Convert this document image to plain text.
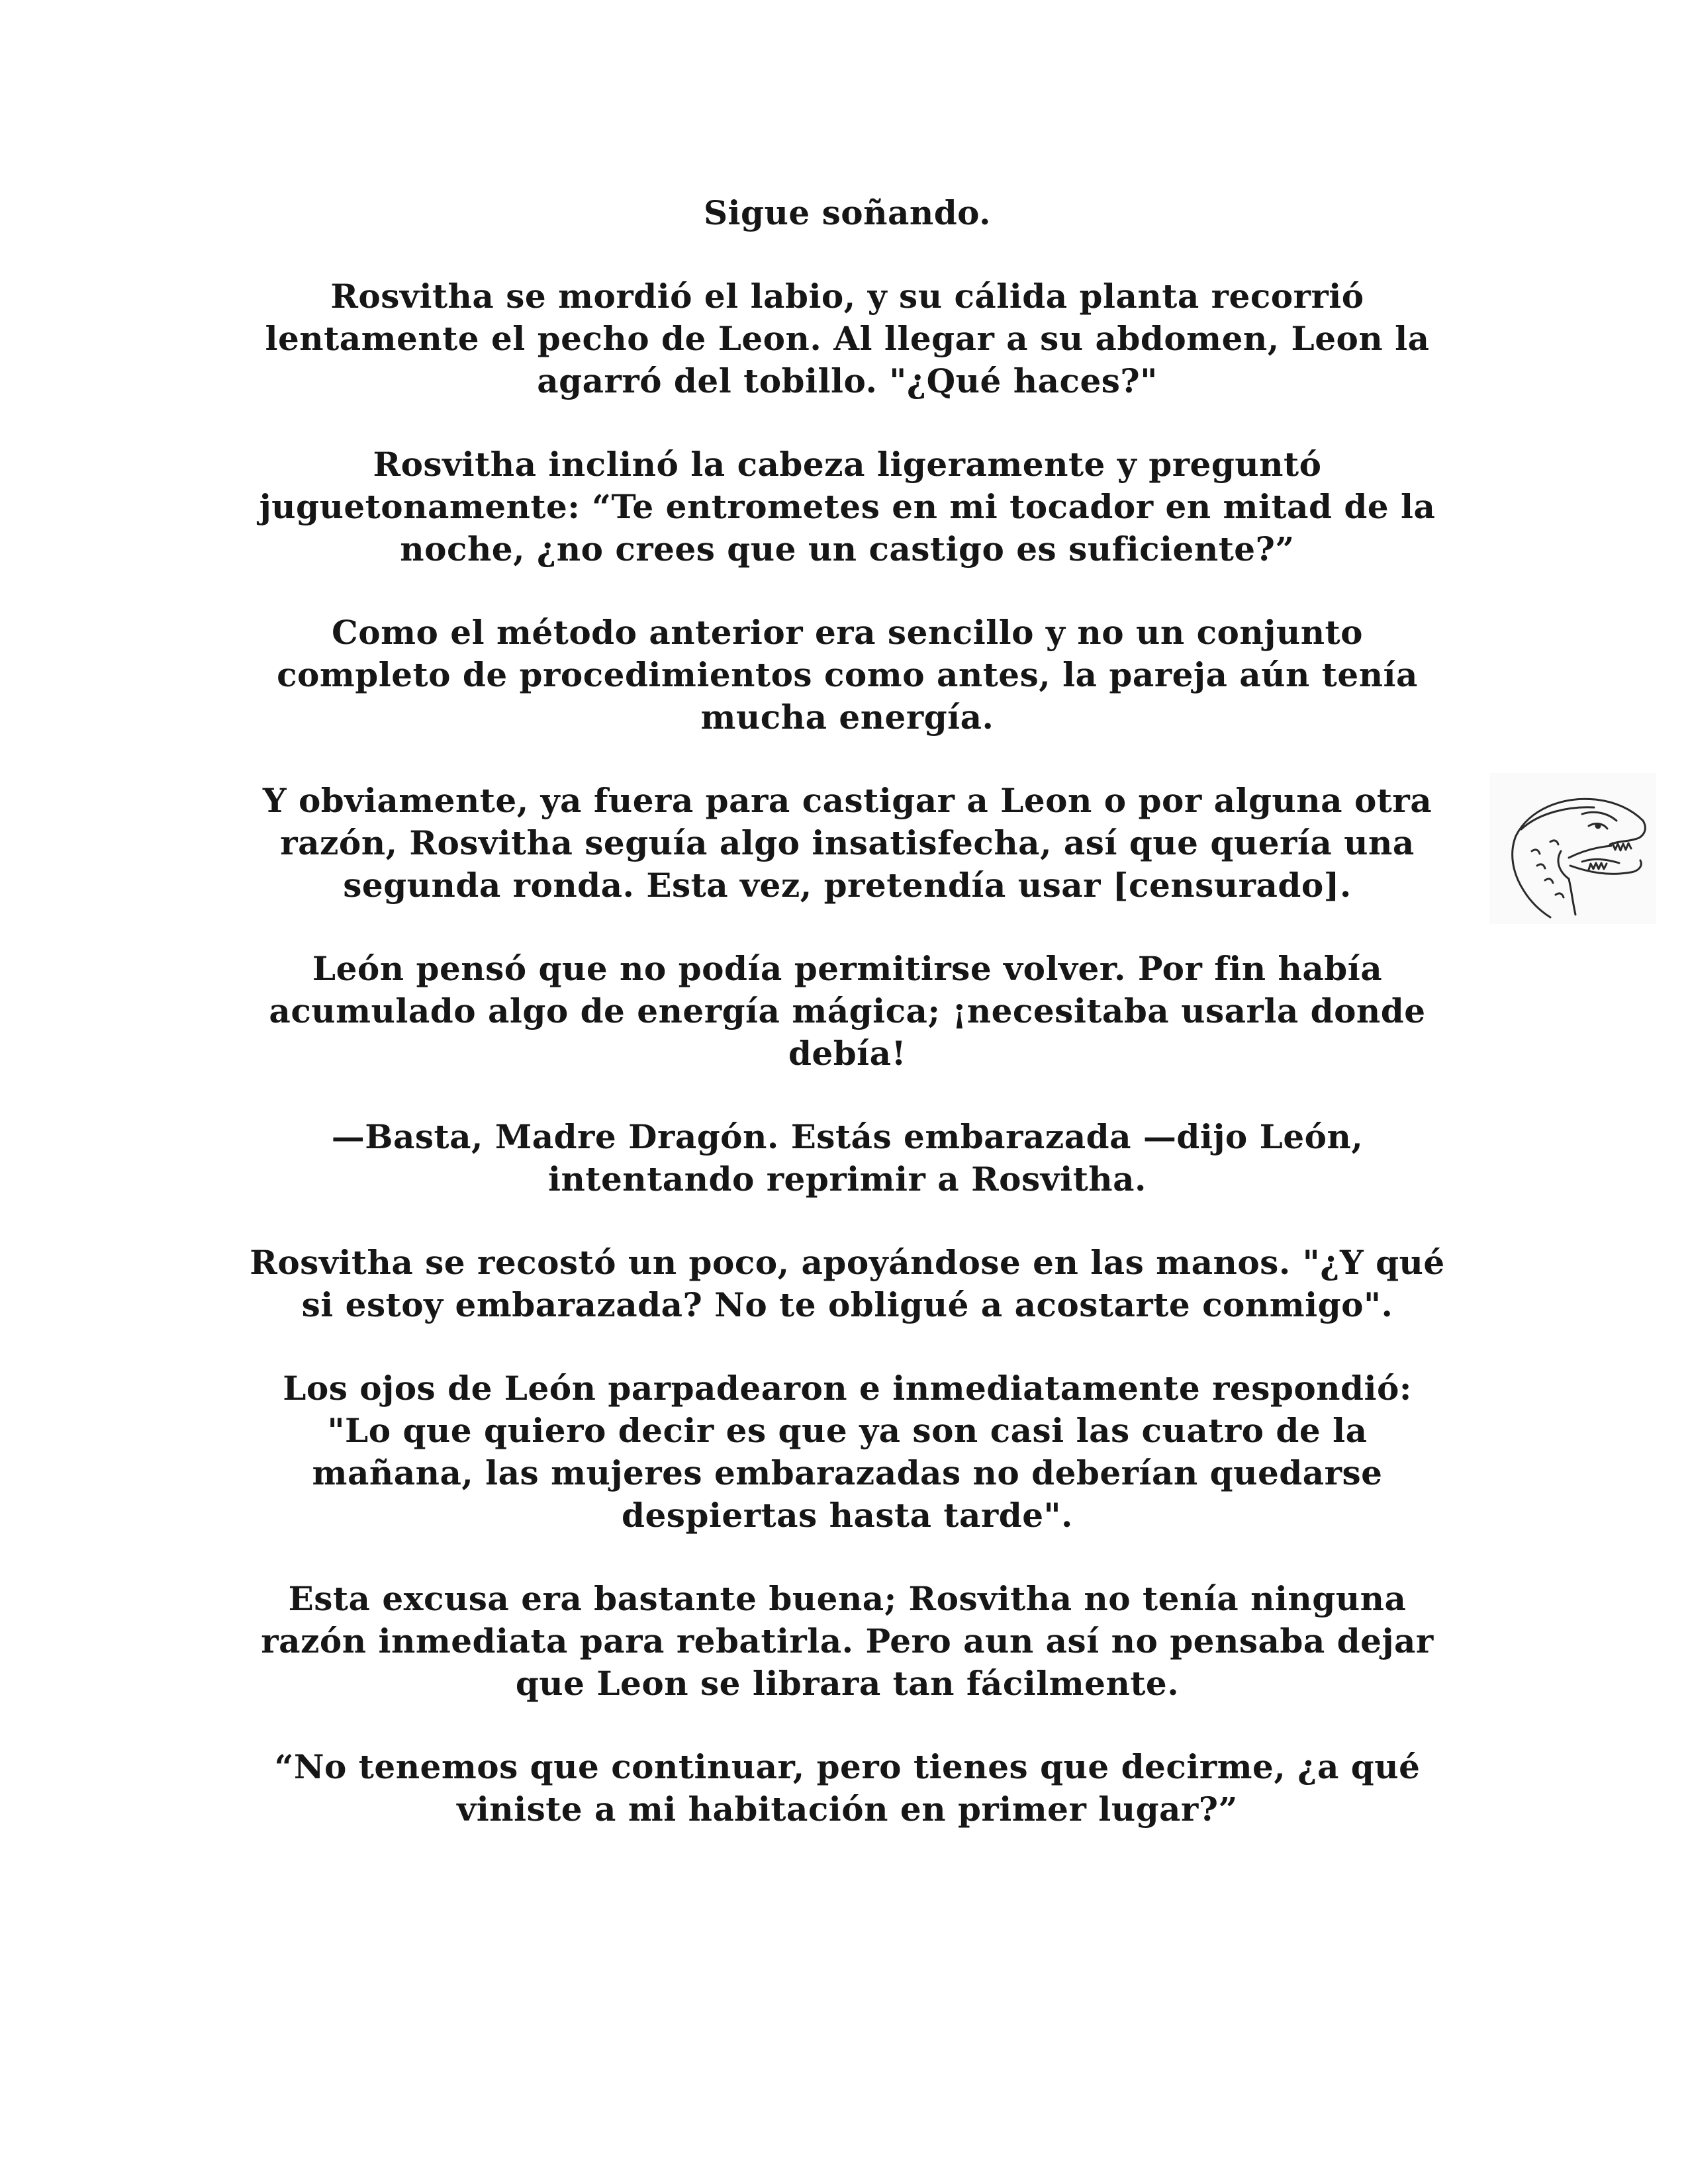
Sigue soñando.

Rosvitha se mordió el labio, y su cálida planta recorrió
lentamente el pecho de Leon. Al llegar a su abdomen, Leon la
agarró del tobillo. "¿Qué haces?"

Rosvitha inclinó la cabeza ligeramente y preguntó
juguetonamente: “Te entrometes en mi tocador en mitad de la
noche, ¿no crees que un castigo es suficiente?”

Como el método anterior era sencillo y no un conjunto
completo de procedimientos como antes, la pareja aún tenía
mucha energía.

Y obviamente, ya fuera para castigar a Leon o por alguna otra
razón, Rosvitha seguía algo insatisfecha, así que quería una
segunda ronda. Esta vez, pretendía usar [censurado].

León pensó que no podía permitirse volver. Por fin había
acumulado algo de energía mágica; ¡necesitaba usarla donde
debía!

—Basta, Madre Dragón. Estás embarazada —dijo León,
intentando reprimir a Rosvitha.

Rosvitha se recostó un poco, apoyándose en las manos. "¿Y qué
si estoy embarazada? No te obligué a acostarte conmigo".

Los ojos de León parpadearon e inmediatamente respondió:
"Lo que quiero decir es que ya son casi las cuatro de la
mañana, las mujeres embarazadas no deberían quedarse
despiertas hasta tarde".

Esta excusa era bastante buena; Rosvitha no tenía ninguna
razón inmediata para rebatirla. Pero aun así no pensaba dejar
que Leon se librara tan fácilmente.

“No tenemos que continuar, pero tienes que decirme, ¿a qué
viniste a mi habitación en primer lugar?”
